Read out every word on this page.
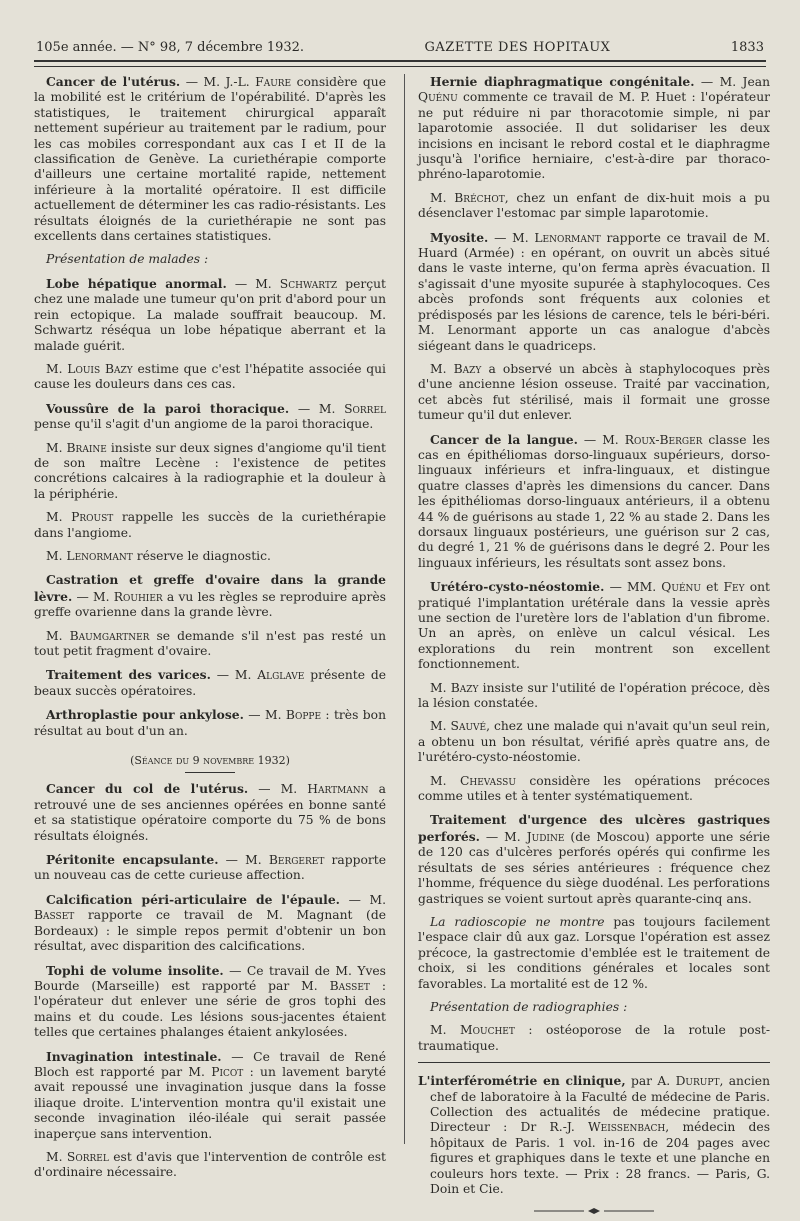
105e année. — N° 98, 7 décembre 1932.	GAZETTE DES HOPITAUX	1833

Cancer de l'utérus. — M. J.-L. Faure considère que la mobilité est le critérium de l'opérabilité. D'après les statistiques, le traitement chirurgical apparaît nettement supérieur au traitement par le radium, pour les cas mobiles correspondant aux cas I et II de la classification de Genève. La curiethérapie comporte d'ailleurs une certaine mortalité rapide, nettement inférieure à la mortalité opératoire. Il est difficile actuellement de déterminer les cas radio-résistants. Les résultats éloignés de la curiethérapie ne sont pas excellents dans certaines statistiques.

Présentation de malades :

Lobe hépatique anormal. — M. Schwartz perçut chez une malade une tumeur qu'on prit d'abord pour un rein ectopique. La malade souffrait beaucoup. M. Schwartz réséqua un lobe hépatique aberrant et la malade guérit.

M. Louis Bazy estime que c'est l'hépatite associée qui cause les douleurs dans ces cas.

Voussûre de la paroi thoracique. — M. Sorrel pense qu'il s'agit d'un angiome de la paroi thoracique.

M. Braine insiste sur deux signes d'angiome qu'il tient de son maître Lecène : l'existence de petites concrétions calcaires à la radiographie et la douleur à la périphérie.

M. Proust rappelle les succès de la curiethérapie dans l'angiome.

M. Lenormant réserve le diagnostic.

Castration et greffe d'ovaire dans la grande lèvre. — M. Rouhier a vu les règles se reproduire après greffe ovarienne dans la grande lèvre.

M. Baumgartner se demande s'il n'est pas resté un tout petit fragment d'ovaire.

Traitement des varices. — M. Alglave présente de beaux succès opératoires.

Arthroplastie pour ankylose. — M. Boppe : très bon résultat au bout d'un an.

(Séance du 9 novembre 1932)

Cancer du col de l'utérus. — M. Hartmann a retrouvé une de ses anciennes opérées en bonne santé et sa statistique opératoire comporte du 75 % de bons résultats éloignés.

Péritonite encapsulante. — M. Bergeret rapporte un nouveau cas de cette curieuse affection.

Calcification péri-articulaire de l'épaule. — M. Basset rapporte ce travail de M. Magnant (de Bordeaux) : le simple repos permit d'obtenir un bon résultat, avec disparition des calcifications.

Tophi de volume insolite. — Ce travail de M. Yves Bourde (Marseille) est rapporté par M. Basset : l'opérateur dut enlever une série de gros tophi des mains et du coude. Les lésions sous-jacentes étaient telles que certaines phalanges étaient ankylosées.

Invagination intestinale. — Ce travail de René Bloch est rapporté par M. Picot : un lavement baryté avait repoussé une invagination jusque dans la fosse iliaque droite. L'intervention montra qu'il existait une seconde invagination iléo-iléale qui serait passée inaperçue sans intervention.

M. Sorrel est d'avis que l'intervention de contrôle est d'ordinaire nécessaire.

Hernie diaphragmatique congénitale. — M. Jean Quénu commente ce travail de M. P. Huet : l'opérateur ne put réduire ni par thoracotomie simple, ni par laparotomie associée. Il dut solidariser les deux incisions en incisant le rebord costal et le diaphragme jusqu'à l'orifice herniaire, c'est-à-dire par thoraco-phréno-laparotomie.

M. Bréchot, chez un enfant de dix-huit mois a pu désenclaver l'estomac par simple laparotomie.

Myosite. — M. Lenormant rapporte ce travail de M. Huard (Armée) : en opérant, on ouvrit un abcès situé dans le vaste interne, qu'on ferma après évacuation. Il s'agissait d'une myosite supurée à staphylocoques. Ces abcès profonds sont fréquents aux colonies et prédisposés par les lésions de carence, tels le béri-béri. M. Lenormant apporte un cas analogue d'abcès siégeant dans le quadriceps.

M. Bazy a observé un abcès à staphylocoques près d'une ancienne lésion osseuse. Traité par vaccination, cet abcès fut stérilisé, mais il formait une grosse tumeur qu'il dut enlever.

Cancer de la langue. — M. Roux-Berger classe les cas en épithéliomas dorso-linguaux supérieurs, dorso-linguaux inférieurs et infra-linguaux, et distingue quatre classes d'après les dimensions du cancer. Dans les épithéliomas dorso-linguaux antérieurs, il a obtenu 44 % de guérisons au stade 1, 22 % au stade 2. Dans les dorsaux linguaux postérieurs, une guérison sur 2 cas, du degré 1, 21 % de guérisons dans le degré 2. Pour les linguaux inférieurs, les résultats sont assez bons.

Urétéro-cysto-néostomie. — MM. Quénu et Fey ont pratiqué l'implantation urétérale dans la vessie après une section de l'uretère lors de l'ablation d'un fibrome. Un an après, on enlève un calcul vésical. Les explorations du rein montrent son excellent fonctionnement.

M. Bazy insiste sur l'utilité de l'opération précoce, dès la lésion constatée.

M. Sauvé, chez une malade qui n'avait qu'un seul rein, a obtenu un bon résultat, vérifié après quatre ans, de l'urétéro-cysto-néostomie.

M. Chevassu considère les opérations précoces comme utiles et à tenter systématiquement.

Traitement d'urgence des ulcères gastriques perforés. — M. Judine (de Moscou) apporte une série de 120 cas d'ulcères perforés opérés qui confirme les résultats de ses séries antérieures : fréquence chez l'homme, fréquence du siège duodénal. Les perforations gastriques se voient surtout après quarante-cinq ans.

La radioscopie ne montre pas toujours facilement l'espace clair dû aux gaz. Lorsque l'opération est assez précoce, la gastrectomie d'emblée est le traitement de choix, si les conditions générales et locales sont favorables. La mortalité est de 12 %.

Présentation de radiographies :

M. Mouchet : ostéoporose de la rotule post-traumatique.

L'interférométrie en clinique, par A. Durupt, ancien chef de laboratoire à la Faculté de médecine de Paris. Collection des actualités de médecine pratique. Directeur : Dr R.-J. Weissenbach, médecin des hôpitaux de Paris. 1 vol. in-16 de 204 pages avec figures et graphiques dans le texte et une planche en couleurs hors texte. — Prix : 28 francs. — Paris, G. Doin et Cie.
